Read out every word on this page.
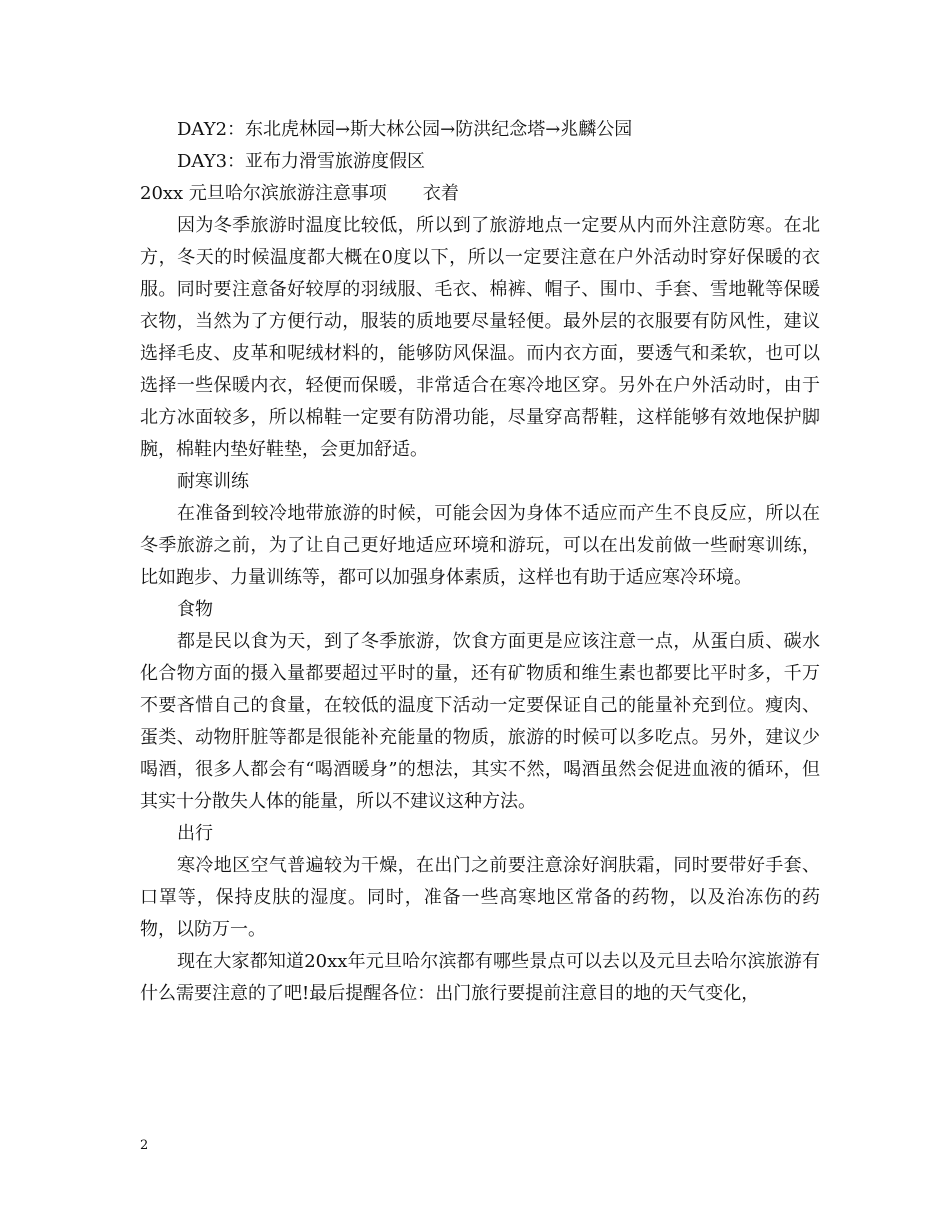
DAY2：东北虎林园→斯大林公园→防洪纪念塔→兆麟公园

DAY3：亚布力滑雪旅游度假区

20xx 元旦哈尔滨旅游注意事项　　衣着

因为冬季旅游时温度比较低，所以到了旅游地点一定要从内而外注意防寒。在北方，冬天的时候温度都大概在0度以下，所以一定要注意在户外活动时穿好保暖的衣服。同时要注意备好较厚的羽绒服、毛衣、棉裤、帽子、围巾、手套、雪地靴等保暖衣物，当然为了方便行动，服装的质地要尽量轻便。最外层的衣服要有防风性，建议选择毛皮、皮革和呢绒材料的，能够防风保温。而内衣方面，要透气和柔软，也可以选择一些保暖内衣，轻便而保暖，非常适合在寒冷地区穿。另外在户外活动时，由于北方冰面较多，所以棉鞋一定要有防滑功能，尽量穿高帮鞋，这样能够有效地保护脚腕，棉鞋内垫好鞋垫，会更加舒适。

耐寒训练

在准备到较冷地带旅游的时候，可能会因为身体不适应而产生不良反应，所以在冬季旅游之前，为了让自己更好地适应环境和游玩，可以在出发前做一些耐寒训练，比如跑步、力量训练等，都可以加强身体素质，这样也有助于适应寒冷环境。

食物

都是民以食为天，到了冬季旅游，饮食方面更是应该注意一点，从蛋白质、碳水化合物方面的摄入量都要超过平时的量，还有矿物质和维生素也都要比平时多，千万不要吝惜自己的食量，在较低的温度下活动一定要保证自己的能量补充到位。瘦肉、蛋类、动物肝脏等都是很能补充能量的物质，旅游的时候可以多吃点。另外，建议少喝酒，很多人都会有“喝酒暖身”的想法，其实不然，喝酒虽然会促进血液的循环，但其实十分散失人体的能量，所以不建议这种方法。

出行

寒冷地区空气普遍较为干燥，在出门之前要注意涂好润肤霜，同时要带好手套、口罩等，保持皮肤的湿度。同时，准备一些高寒地区常备的药物，以及治冻伤的药物，以防万一。

现在大家都知道20xx年元旦哈尔滨都有哪些景点可以去以及元旦去哈尔滨旅游有什么需要注意的了吧!最后提醒各位：出门旅行要提前注意目的地的天气变化，

2
